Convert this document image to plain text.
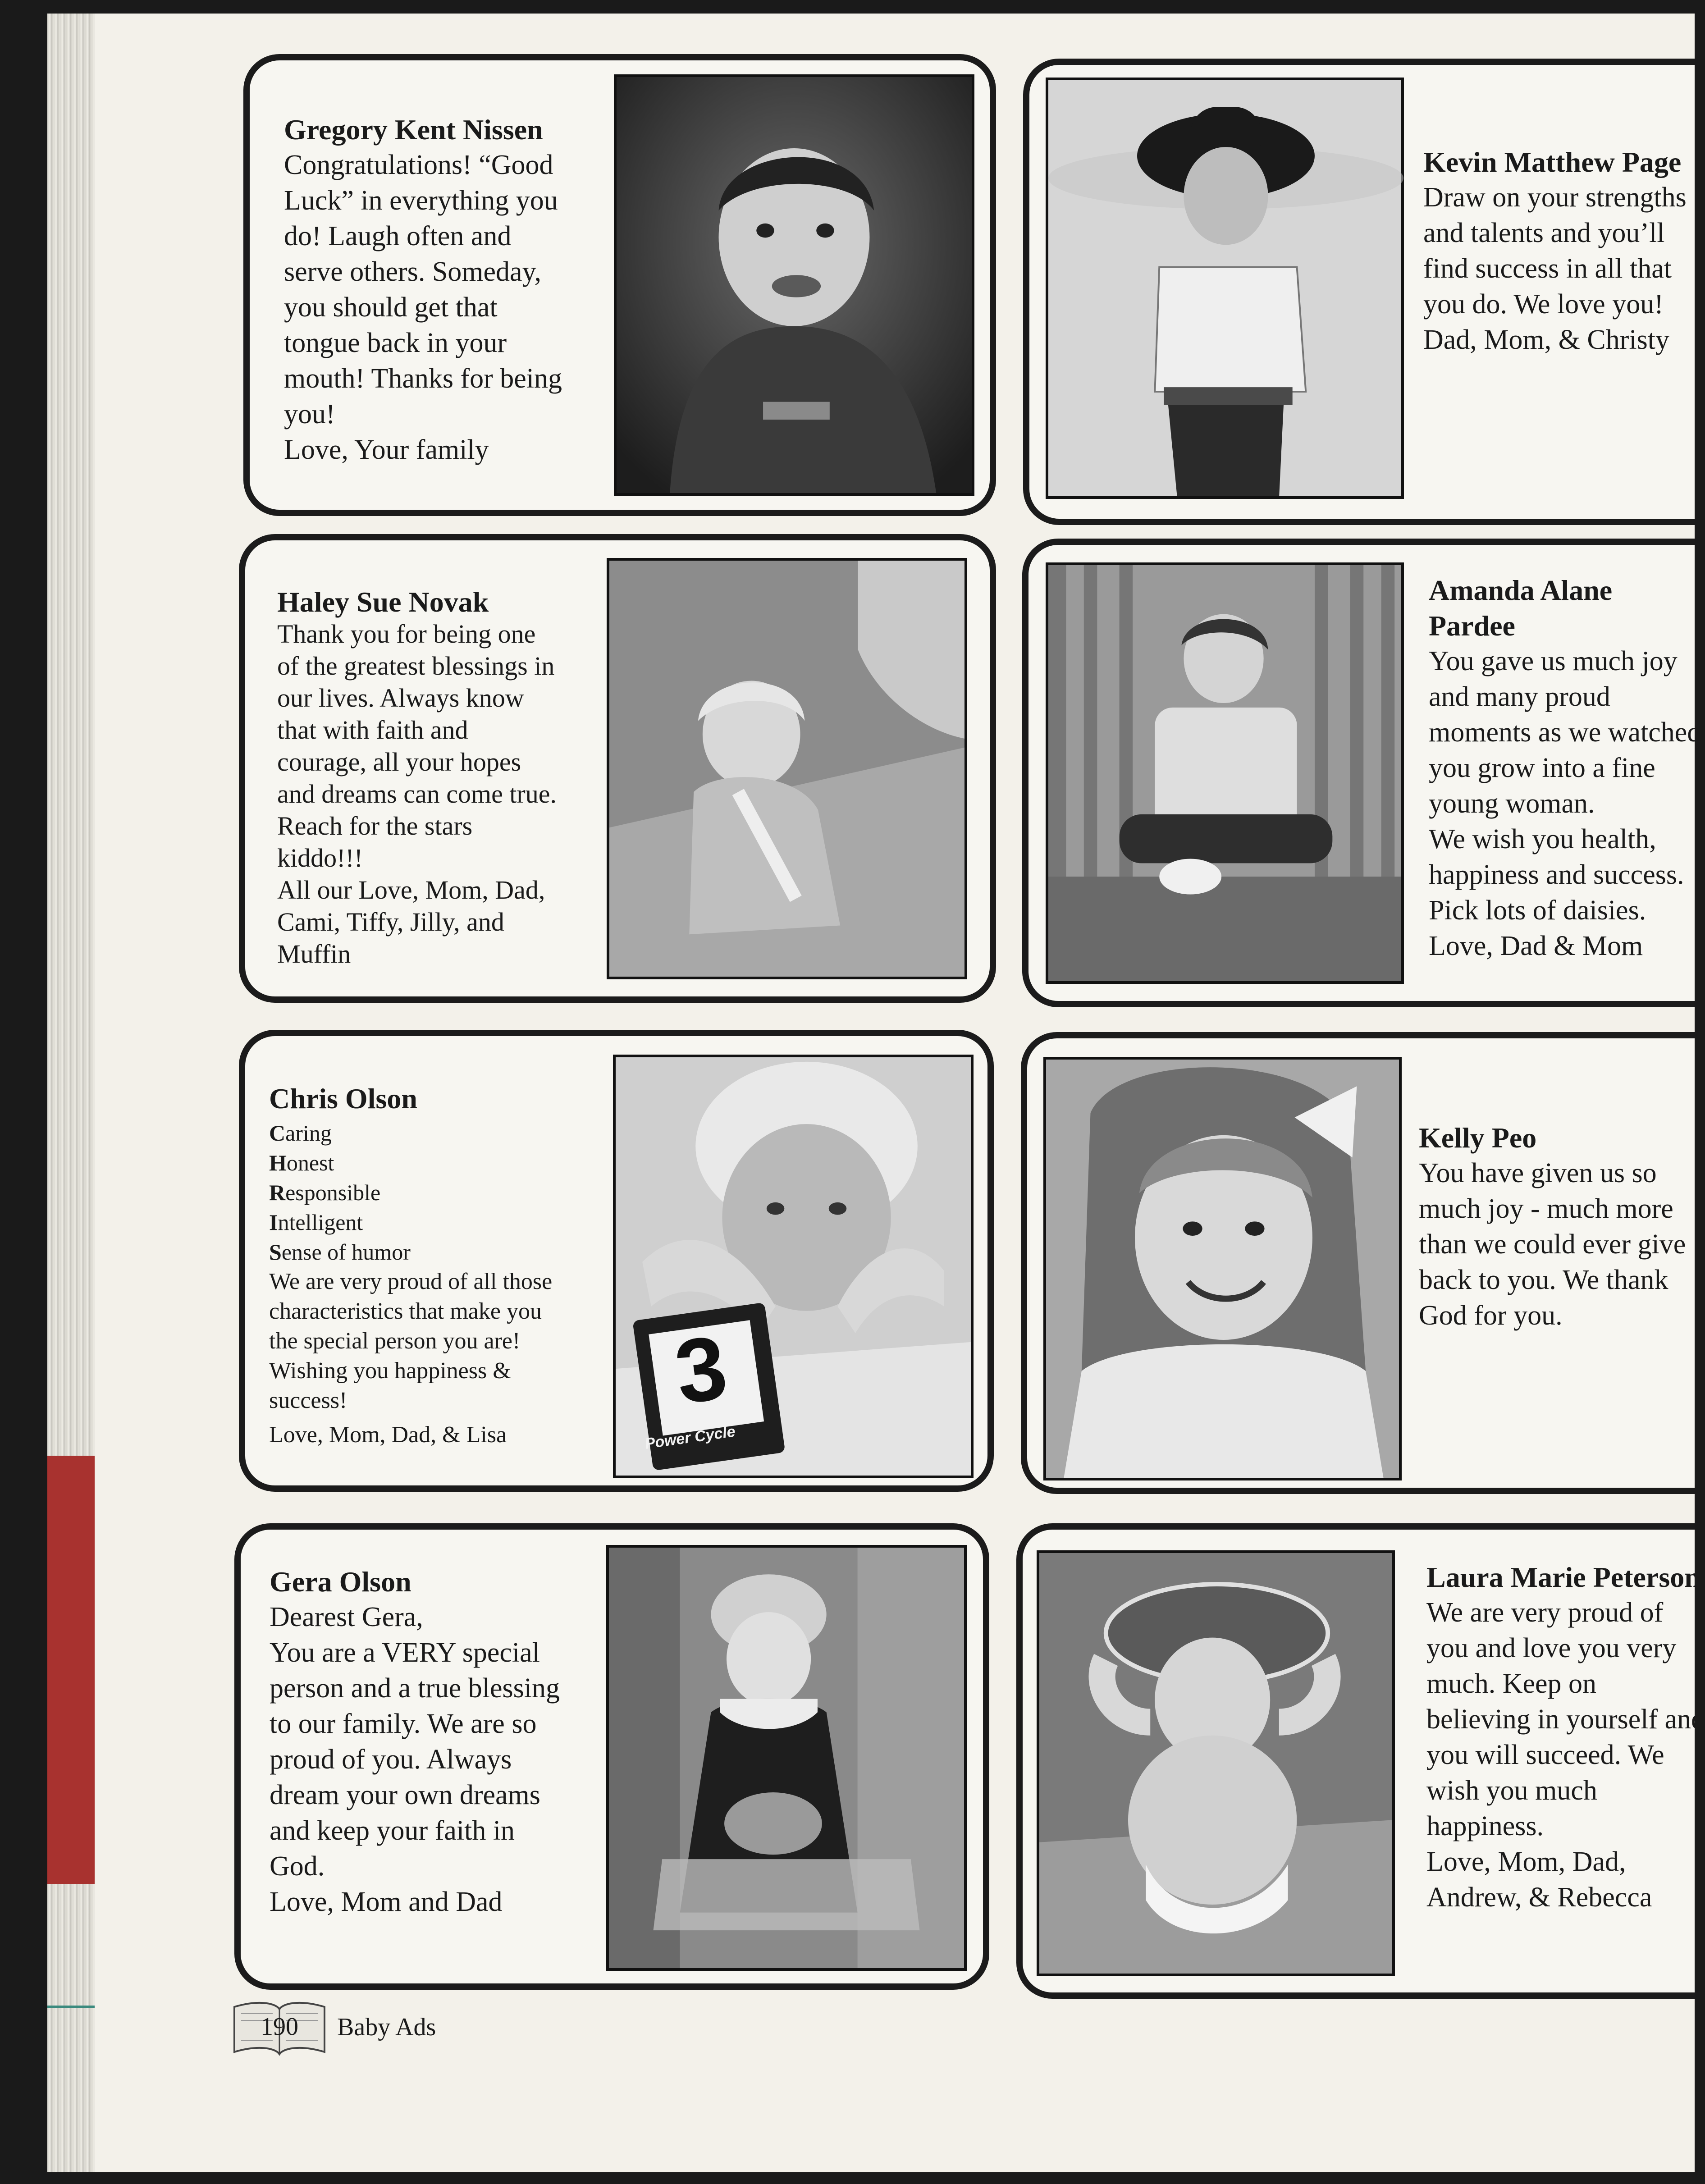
Gregory Kent Nissen
Congratulations! “Good
Luck” in everything you
do! Laugh often and
serve others. Someday,
you should get that
tongue back in your
mouth! Thanks for being
you!
Love, Your family
Kevin Matthew Page
Draw on your strengths
and talents and you’ll
find success in all that
you do. We love you!
Dad, Mom, & Christy
Haley Sue Novak
Thank you for being one
of the greatest blessings in
our lives. Always know
that with faith and
courage, all your hopes
and dreams can come true.
Reach for the stars
kiddo!!!
All our Love, Mom, Dad,
Cami, Tiffy, Jilly, and
Muffin
Amanda Alane Pardee
You gave us much joy
and many proud
moments as we watched
you grow into a fine
young woman.
We wish you health,
happiness and success.
Pick lots of daisies.
Love, Dad & Mom
3
Power Cycle
Chris Olson
Caring
Honest
Responsible
Intelligent
Sense of humor
We are very proud of all those
characteristics that make you
the special person you are!
Wishing you happiness &
success!
Love, Mom, Dad, & Lisa
Kelly Peo
You have given us so
much joy - much more
than we could ever give
back to you. We thank
God for you.
Gera Olson
Dearest Gera,
You are a VERY special
person and a true blessing
to our family. We are so
proud of you. Always
dream your own dreams
and keep your faith in
God.
Love, Mom and Dad
Laura Marie Peterson
We are very proud of
you and love you very
much. Keep on
believing in yourself and
you will succeed. We
wish you much
happiness.
Love, Mom, Dad,
Andrew, & Rebecca
190	Baby Ads
